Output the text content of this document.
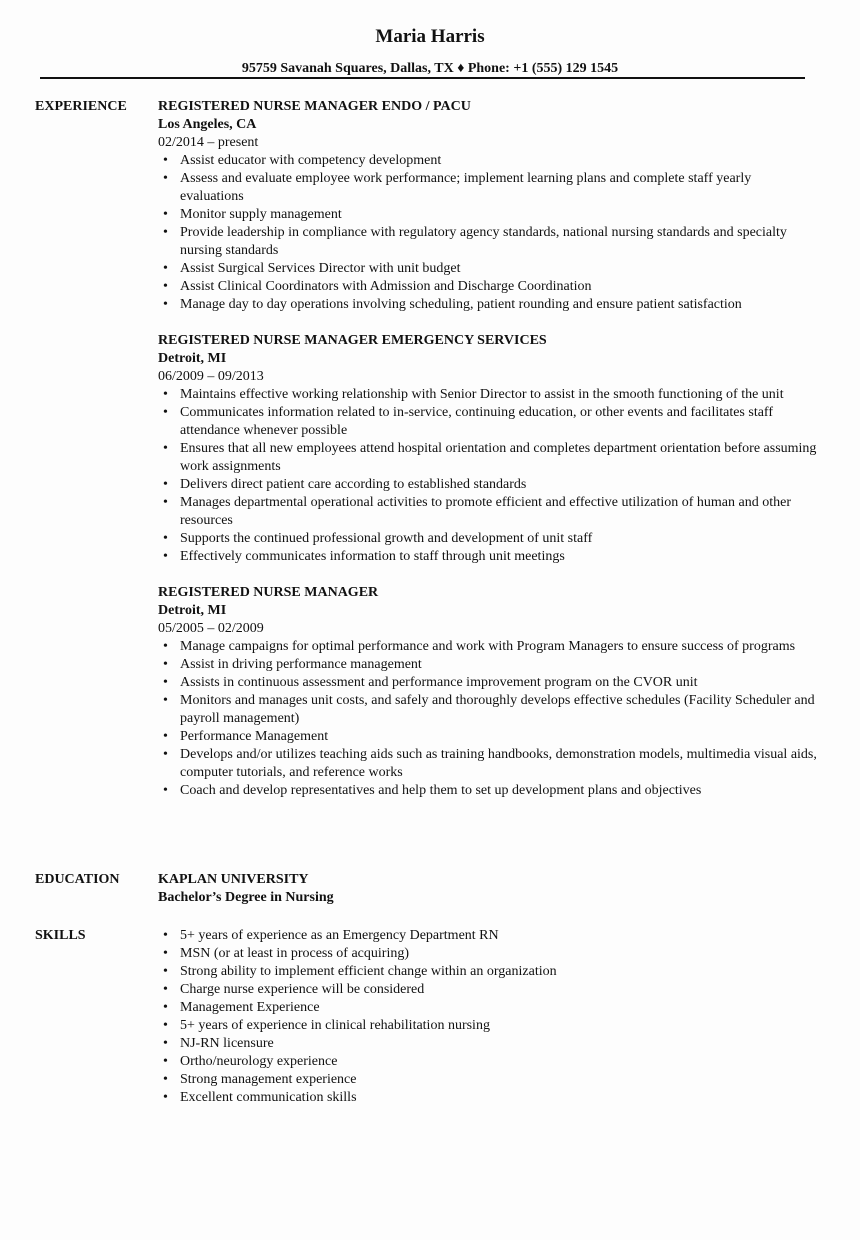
Maria Harris
95759 Savanah Squares, Dallas, TX ♦ Phone: +1 (555) 129 1545
EXPERIENCE	REGISTERED NURSE MANAGER ENDO / PACU
Los Angeles, CA
02/2014 – present
• Assist educator with competency development
• Assess and evaluate employee work performance; implement learning plans and complete staff yearly evaluations
• Monitor supply management
• Provide leadership in compliance with regulatory agency standards, national nursing standards and specialty nursing standards
• Assist Surgical Services Director with unit budget
• Assist Clinical Coordinators with Admission and Discharge Coordination
• Manage day to day operations involving scheduling, patient rounding and ensure patient satisfaction
REGISTERED NURSE MANAGER EMERGENCY SERVICES
Detroit, MI
06/2009 – 09/2013
• Maintains effective working relationship with Senior Director to assist in the smooth functioning of the unit
• Communicates information related to in-service, continuing education, or other events and facilitates staff attendance whenever possible
• Ensures that all new employees attend hospital orientation and completes department orientation before assuming work assignments
• Delivers direct patient care according to established standards
• Manages departmental operational activities to promote efficient and effective utilization of human and other resources
• Supports the continued professional growth and development of unit staff
• Effectively communicates information to staff through unit meetings
REGISTERED NURSE MANAGER
Detroit, MI
05/2005 – 02/2009
• Manage campaigns for optimal performance and work with Program Managers to ensure success of programs
• Assist in driving performance management
• Assists in continuous assessment and performance improvement program on the CVOR unit
• Monitors and manages unit costs, and safely and thoroughly develops effective schedules (Facility Scheduler and payroll management)
• Performance Management
• Develops and/or utilizes teaching aids such as training handbooks, demonstration models, multimedia visual aids, computer tutorials, and reference works
• Coach and develop representatives and help them to set up development plans and objectives
EDUCATION	KAPLAN UNIVERSITY
Bachelor’s Degree in Nursing
SKILLS	• 5+ years of experience as an Emergency Department RN
• MSN (or at least in process of acquiring)
• Strong ability to implement efficient change within an organization
• Charge nurse experience will be considered
• Management Experience
• 5+ years of experience in clinical rehabilitation nursing
• NJ-RN licensure
• Ortho/neurology experience
• Strong management experience
• Excellent communication skills
